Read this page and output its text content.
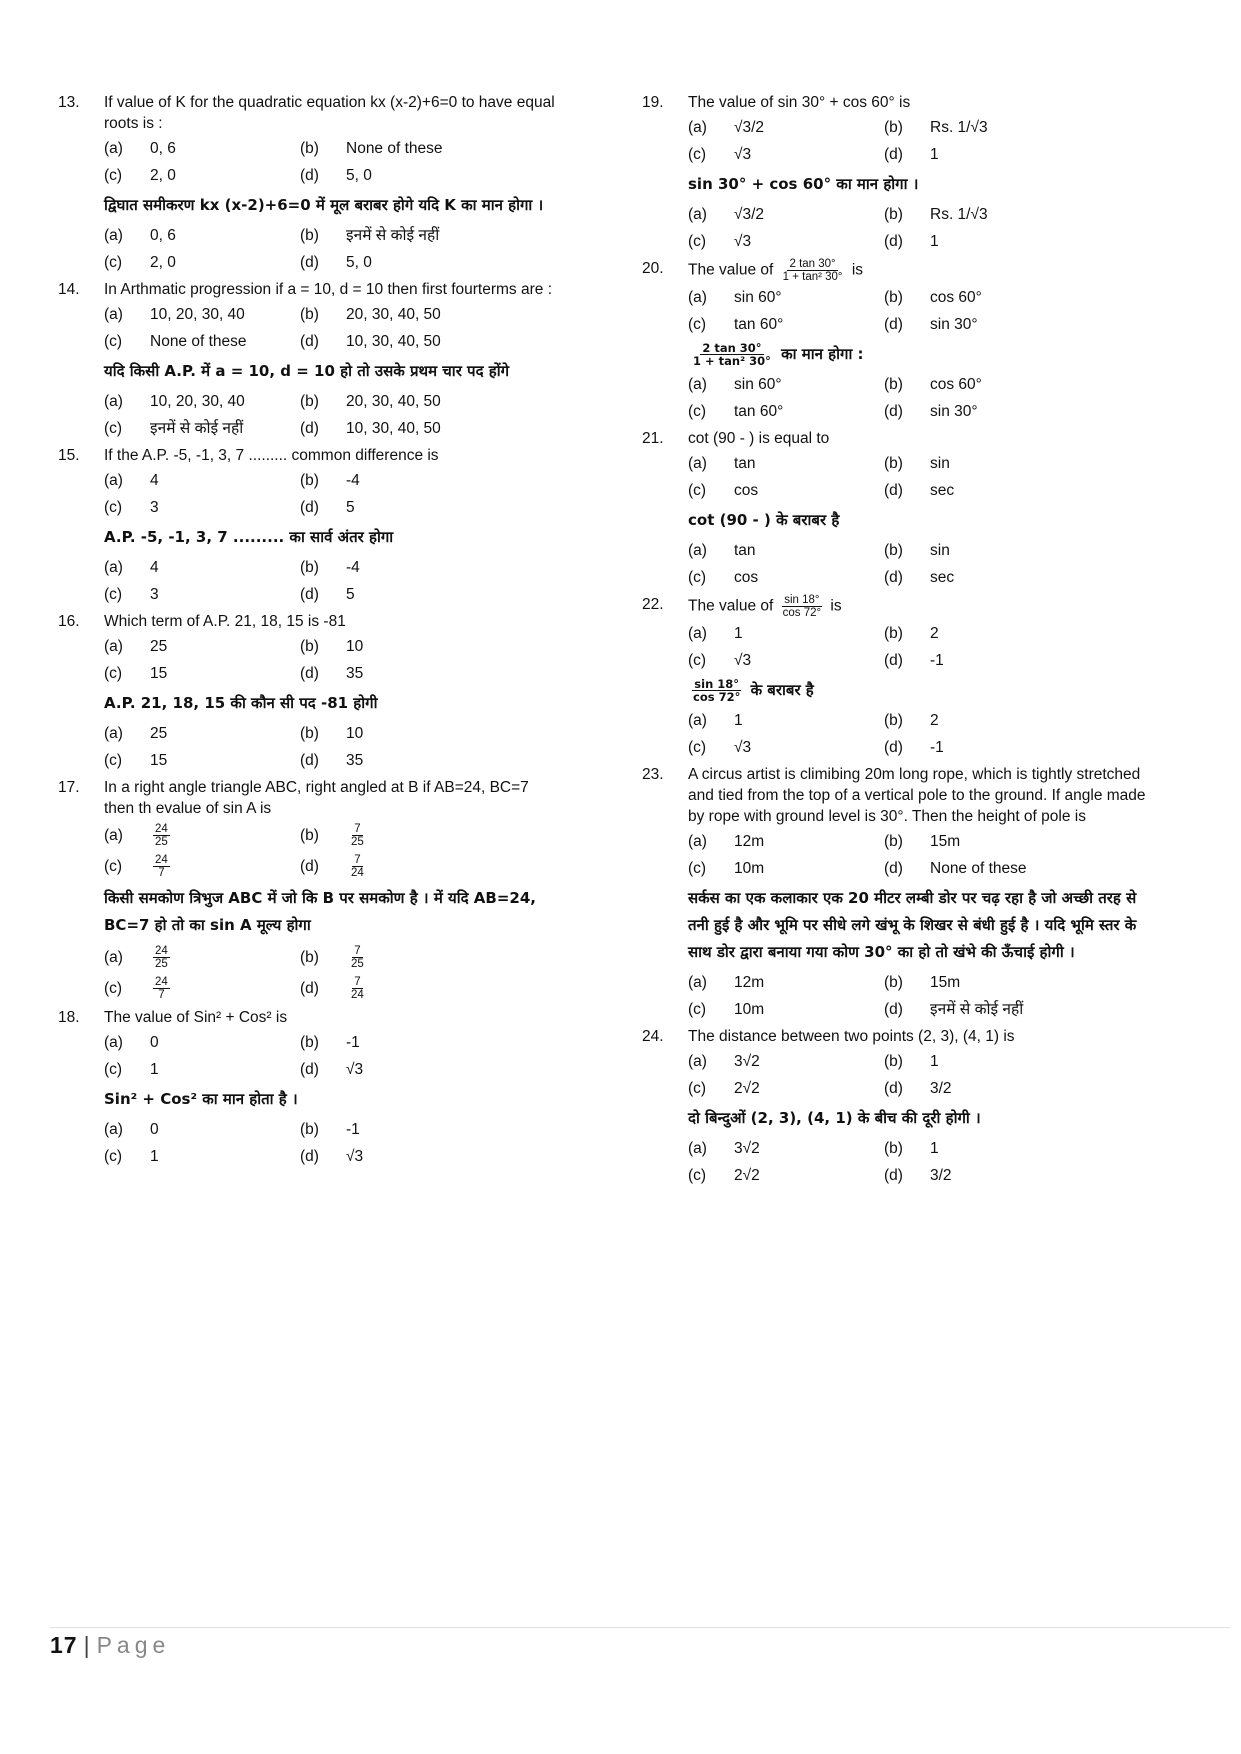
13. If value of K for the quadratic equation kx (x-2)+6=0 to have equal roots is :
(a)	0, 6	(b)	None of these
(c)	2, 0	(d)	5, 0
द्विघात समीकरण kx (x-2)+6=0 में मूल बराबर होगे यदि K का मान होगा ।
(a)	0, 6	(b)	इनमें से कोई नहीं
(c)	2, 0	(d)	5, 0
14. In Arthmatic progression if a = 10, d = 10 then first fourterms are :
(a)	10, 20, 30, 40	(b)	20, 30, 40, 50
(c)	None of these	(d)	10, 30, 40, 50
यदि किसी A.P. में a = 10, d = 10 हो तो उसके प्रथम चार पद होंगे
(a)	10, 20, 30, 40	(b)	20, 30, 40, 50
(c)	इनमें से कोई नहीं	(d)	10, 30, 40, 50
15. If the A.P. -5, -1, 3, 7 ......... common difference is
(a)	4	(b)	-4
(c)	3	(d)	5
A.P. -5, -1, 3, 7 ......... का सार्व अंतर होगा
(a)	4	(b)	-4
(c)	3	(d)	5
16. Which term of A.P. 21, 18, 15 is -81
(a)	25	(b)	10
(c)	15	(d)	35
A.P. 21, 18, 15 की कौन सी पद -81 होगी
(a)	25	(b)	10
(c)	15	(d)	35
17. In a right angle triangle ABC, right angled at B if AB=24, BC=7 then th evalue of sin A is
(a)	$\frac{24}{25}$	(b)	$\frac{7}{25}$
(c)	$\frac{24}{7}$	(d)	$\frac{7}{24}$
किसी समकोण त्रिभुज ABC में जो कि B पर समकोण है । में यदि AB=24, BC=7 हो तो का sin A मूल्य होगा
(a)	$\frac{24}{25}$	(b)	$\frac{7}{25}$
(c)	$\frac{24}{7}$	(d)	$\frac{7}{24}$
18. The value of Sin² + Cos² is
(a)	0	(b)	-1
(c)	1	(d)	√3
Sin² + Cos² का मान होता है ।
(a)	0	(b)	-1
(c)	1	(d)	√3
19. The value of sin 30° + cos 60° is
(a)	√3/2	(b)	Rs. 1/√3
(c)	√3	(d)	1
sin 30° + cos 60° का मान होगा ।
(a)	√3/2	(b)	Rs. 1/√3
(c)	√3	(d)	1
20. The value of $\frac{2 \tan 30^\circ}{\text{1 + tan² 30°}}$ is
(a)	sin 60°	(b)	cos 60°
(c)	tan 60°	(d)	sin 30°
$\frac{2 \tan 30^\circ}{\text{1 + tan² 30°}}$ का मान होगा :
(a)	sin 60°	(b)	cos 60°
(c)	tan 60°	(d)	sin 30°
21. cot (90 - ) is equal to
(a)	tan	(b)	sin
(c)	cos	(d)	sec
cot (90 - ) के बराबर है
(a)	tan	(b)	sin
(c)	cos	(d)	sec
22. The value of $\frac{\sin 18^\circ}{\cos 72^\circ}$ is
(a)	1	(b)	2
(c)	√3	(d)	-1
$\frac{\sin 18^\circ}{\cos 72^\circ}$ के बराबर है
(a)	1	(b)	2
(c)	√3	(d)	-1
23. A circus artist is climibing 20m long rope, which is tightly stretched and tied from the top of a vertical pole to the ground. If angle made by rope with ground level is 30°. Then the height of pole is
(a)	12m	(b)	15m
(c)	10m	(d)	None of these
सर्कस का एक कलाकार एक 20 मीटर लम्बी डोर पर चढ़ रहा है जो अच्छी तरह से तनी हुई है और भूमि पर सीधे लगे खंभू के शिखर से बंधी हुई है । यदि भूमि स्तर के साथ डोर द्वारा बनाया गया कोण 30° का हो तो खंभे की ऊँचाई होगी ।
(a)	12m	(b)	15m
(c)	10m	(d)	इनमें से कोई नहीं
24. The distance between two points (2, 3), (4, 1) is
(a)	3√2	(b)	1
(c)	2√2	(d)	3/2
दो बिन्दुओं (2, 3), (4, 1) के बीच की दूरी होगी ।
(a)	3√2	(b)	1
(c)	2√2	(d)	3/2
17 | Page
